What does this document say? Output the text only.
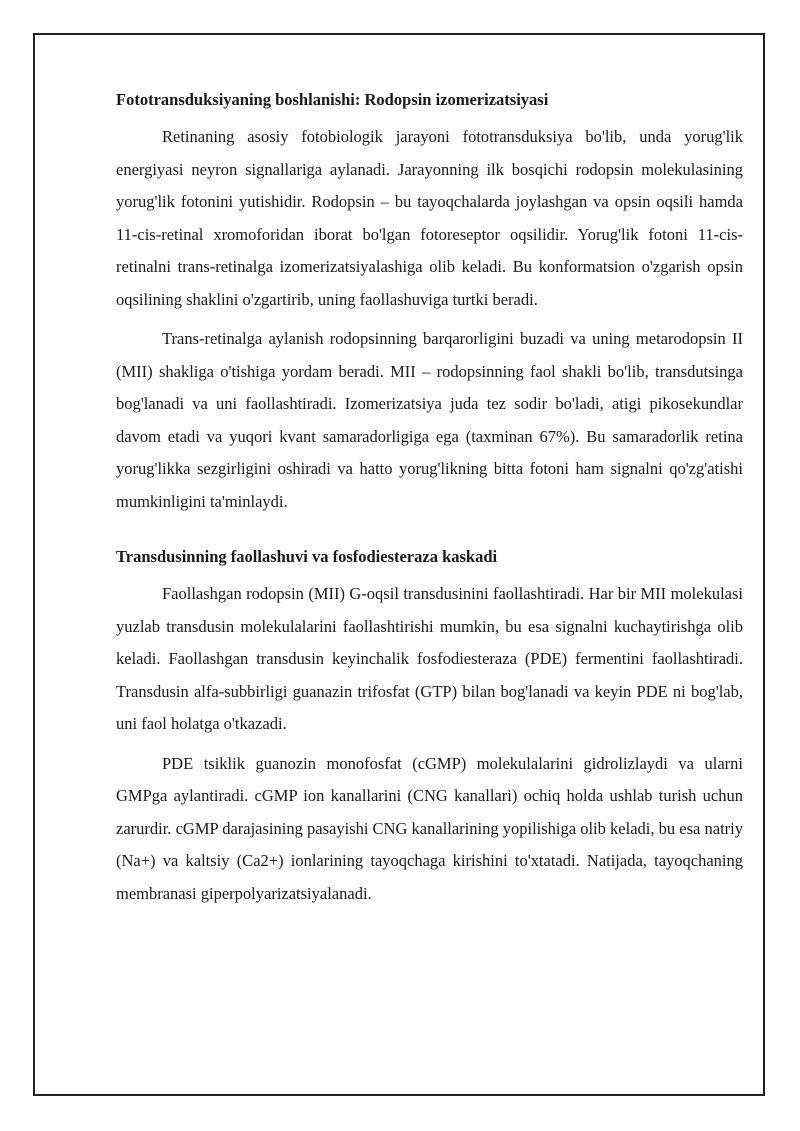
Fototransduksiyaning boshlanishi: Rodopsin izomerizatsiyasi

Retinaning asosiy fotobiologik jarayoni fototransduksiya bo'lib, unda yorug'lik energiyasi neyron signallariga aylanadi. Jarayonning ilk bosqichi rodopsin molekulasining yorug'lik fotonini yutishidir. Rodopsin – bu tayoqchalarda joylashgan va opsin oqsili hamda 11-cis-retinal xromoforidan iborat bo'lgan fotoreseptor oqsilidir. Yorug'lik fotoni 11-cis-retinalni trans-retinalga izomerizatsiyalashiga olib keladi. Bu konformatsion o'zgarish opsin oqsilining shaklini o'zgartirib, uning faollashuviga turtki beradi.

Trans-retinalga aylanish rodopsinning barqarorligini buzadi va uning metarodopsin II (MII) shakliga o'tishiga yordam beradi. MII – rodopsinning faol shakli bo'lib, transdutsinga bog'lanadi va uni faollashtiradi. Izomerizatsiya juda tez sodir bo'ladi, atigi pikosekundlar davom etadi va yuqori kvant samaradorligiga ega (taxminan 67%). Bu samaradorlik retina yorug'likka sezgirligini oshiradi va hatto yorug'likning bitta fotoni ham signalni qo'zg'atishi mumkinligini ta'minlaydi.

Transdusinning faollashuvi va fosfodiesteraza kaskadi

Faollashgan rodopsin (MII) G-oqsil transdusinini faollashtiradi. Har bir MII molekulasi yuzlab transdusin molekulalarini faollashtirishi mumkin, bu esa signalni kuchaytirishga olib keladi. Faollashgan transdusin keyinchalik fosfodiesteraza (PDE) fermentini faollashtiradi. Transdusin alfa-subbirligi guanazin trifosfat (GTP) bilan bog'lanadi va keyin PDE ni bog'lab, uni faol holatga o'tkazadi.

PDE tsiklik guanozin monofosfat (cGMP) molekulalarini gidrolizlaydi va ularni GMPga aylantiradi. cGMP ion kanallarini (CNG kanallari) ochiq holda ushlab turish uchun zarurdir. cGMP darajasining pasayishi CNG kanallarining yopilishiga olib keladi, bu esa natriy (Na+) va kaltsiy (Ca2+) ionlarining tayoqchaga kirishini to'xtatadi. Natijada, tayoqchaning membranasi giperpolyarizatsiyalanadi.
